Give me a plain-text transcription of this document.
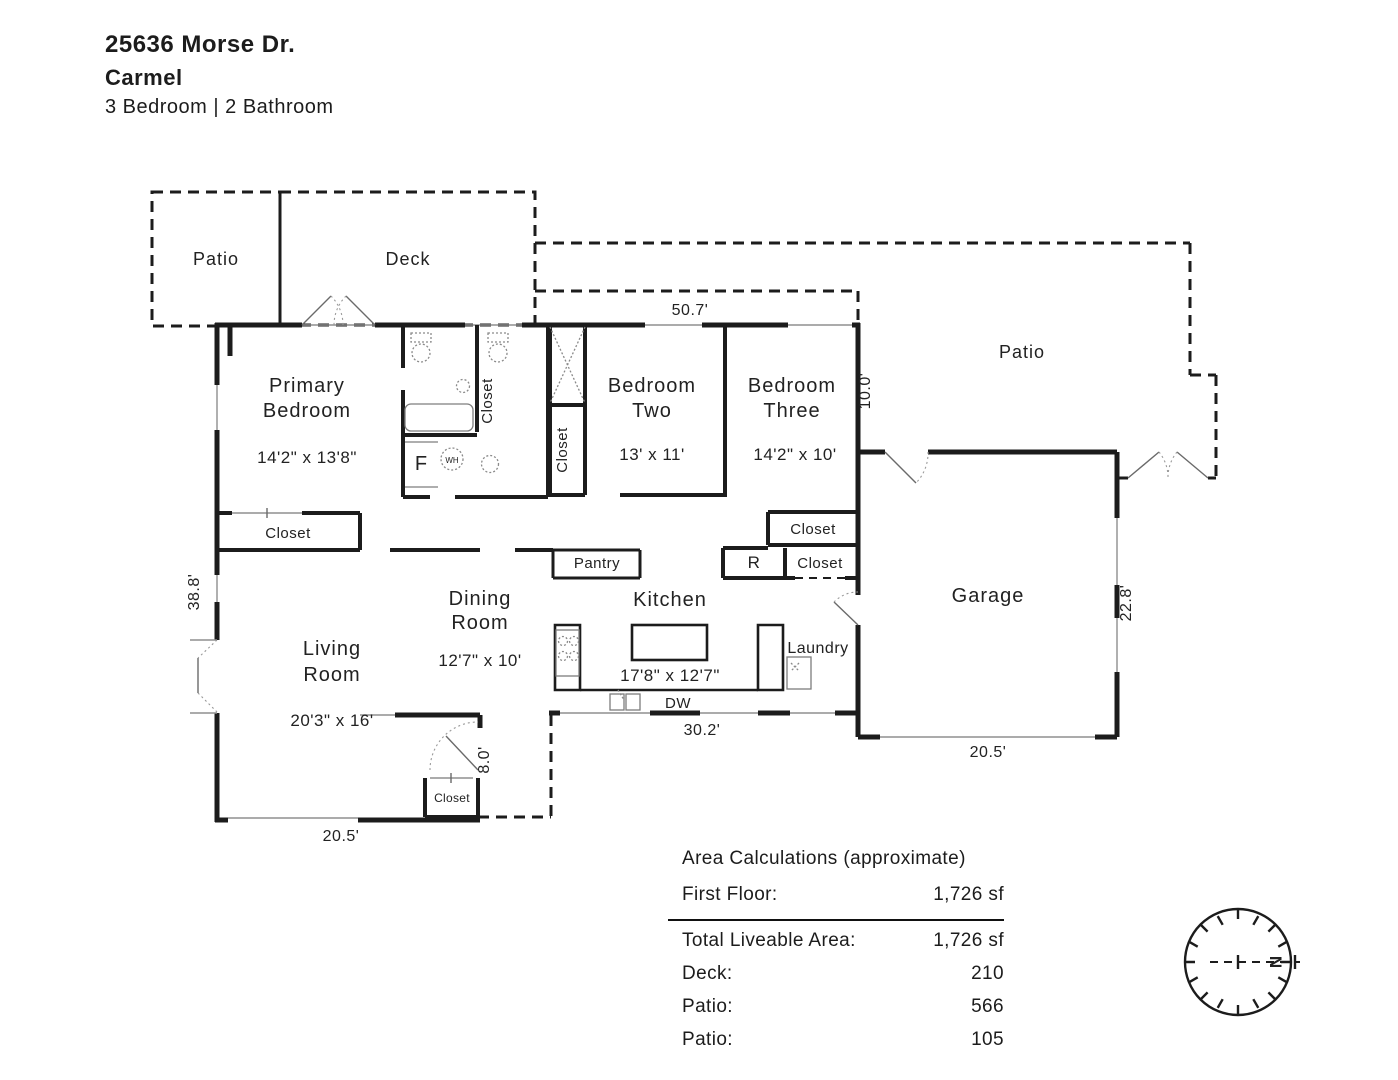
25636 Morse Dr.
Carmel
3 Bedroom | 2 Bathroom
Patio	Deck
Patio
Primary
Bedroom
14'2" x 13'8"
Bedroom
Two
13' x 11'
Bedroom
Three
14'2" x 10'
Living
Room
20'3" x 16'
Dining
Room
12'7" x 10'
Kitchen
17'8" x 12'7"
Garage
Laundry
Pantry
Closet
Closet
Closet
Closet
Closet
Closet
F WH
R
DW
50.7'
10.0'
38.8'	22.8'
30.2'
20.5'
20.5'
8.0'
N
Area Calculations (approximate)
First Floor:	1,726 sf
Total Liveable Area:	1,726 sf
Deck:	210
Patio:	566
Patio:	105
